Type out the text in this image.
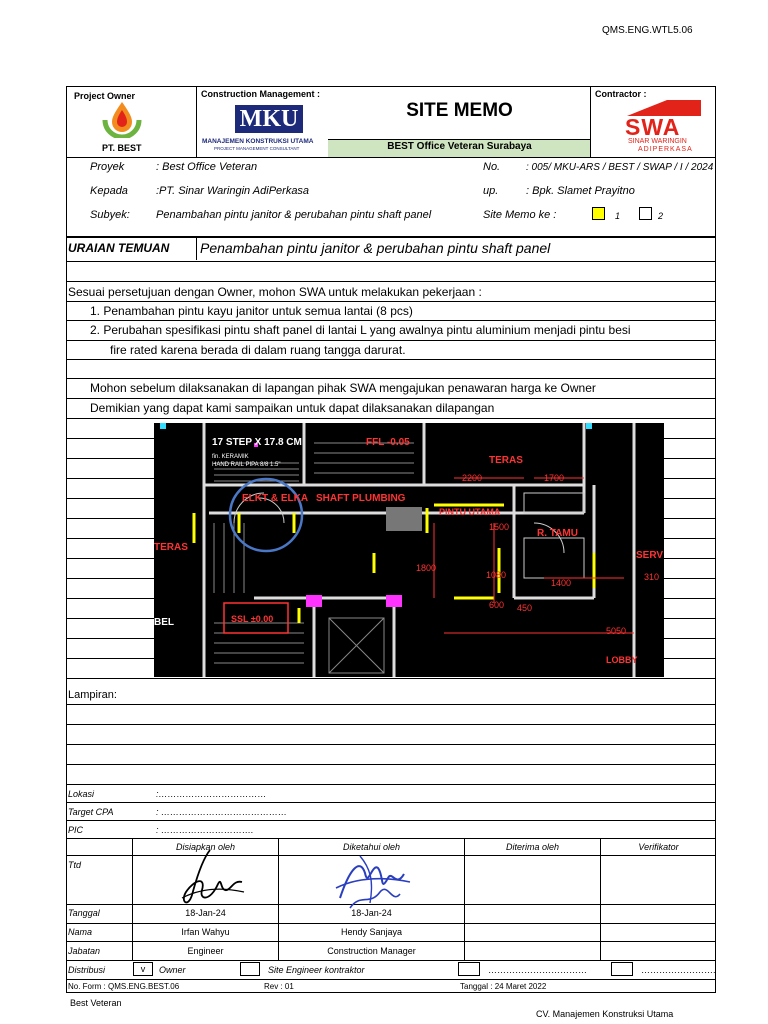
QMS.ENG.WTL5.06
Project Owner
PT. BEST
Construction Management :
MKU
MANAJEMEN KONSTRUKSI UTAMA
PROJECT MANAGEMENT CONSULTANT
SITE MEMO
BEST Office Veteran Surabaya
Contractor :
SWA
SINAR WARINGIN
ADIPERKASA
Proyek	: Best Office Veteran
Kepada	:PT. Sinar Waringin AdiPerkasa
Subyek: Penambahan pintu janitor & perubahan pintu shaft panel
No.	: 005/ MKU-ARS / BEST / SWAP / I / 2024
up.	: Bpk. Slamet Prayitno
Site Memo ke :	1	2
URAIAN TEMUAN Penambahan pintu janitor & perubahan pintu shaft panel
Sesuai persetujuan dengan Owner, mohon SWA untuk melakukan pekerjaan :
1. Penambahan pintu kayu janitor untuk semua lantai (8 pcs)
2. Perubahan spesifikasi pintu shaft panel di lantai L yang awalnya pintu aluminium menjadi pintu besi
fire rated karena berada di dalam ruang tangga darurat.
Mohon sebelum dilaksanakan di lapangan pihak SWA mengajukan penawaran harga ke Owner
Demikian yang dapat kami sampaikan untuk dapat dilaksanakan dilapangan
17 STEP X 17.8 CM
fin. KERAMIK
HAND RAIL PIPA 8/8 1.5"
FFL -0.05
TERAS
2200	1700
ELKT & ELKA SHAFT PLUMBING
PINTU UTAMA
1500
R. TAMU
TERAS
SERV
1800
1080
1400
310
600 450
SSL ±0.00
BEL
5050
LOBBY
Lampiran:
Lokasi	:………………………………
Target CPA	: ……………………………………
PIC	: ………………………….
Disiapkan oleh	Diketahui oleh	Diterima oleh	Verifikator
Ttd
Tanggal	18-Jan-24	18-Jan-24
Nama	Irfan Wahyu	Hendy Sanjaya
Jabatan	Engineer	Construction Manager
Distribusi	v	Owner	Site Engineer kontraktor	……………………………	…………………….
No. Form : QMS.ENG.BEST.06	Rev : 01	Tanggal : 24 Maret 2022
Best Veteran
CV. Manajemen Konstruksi Utama
